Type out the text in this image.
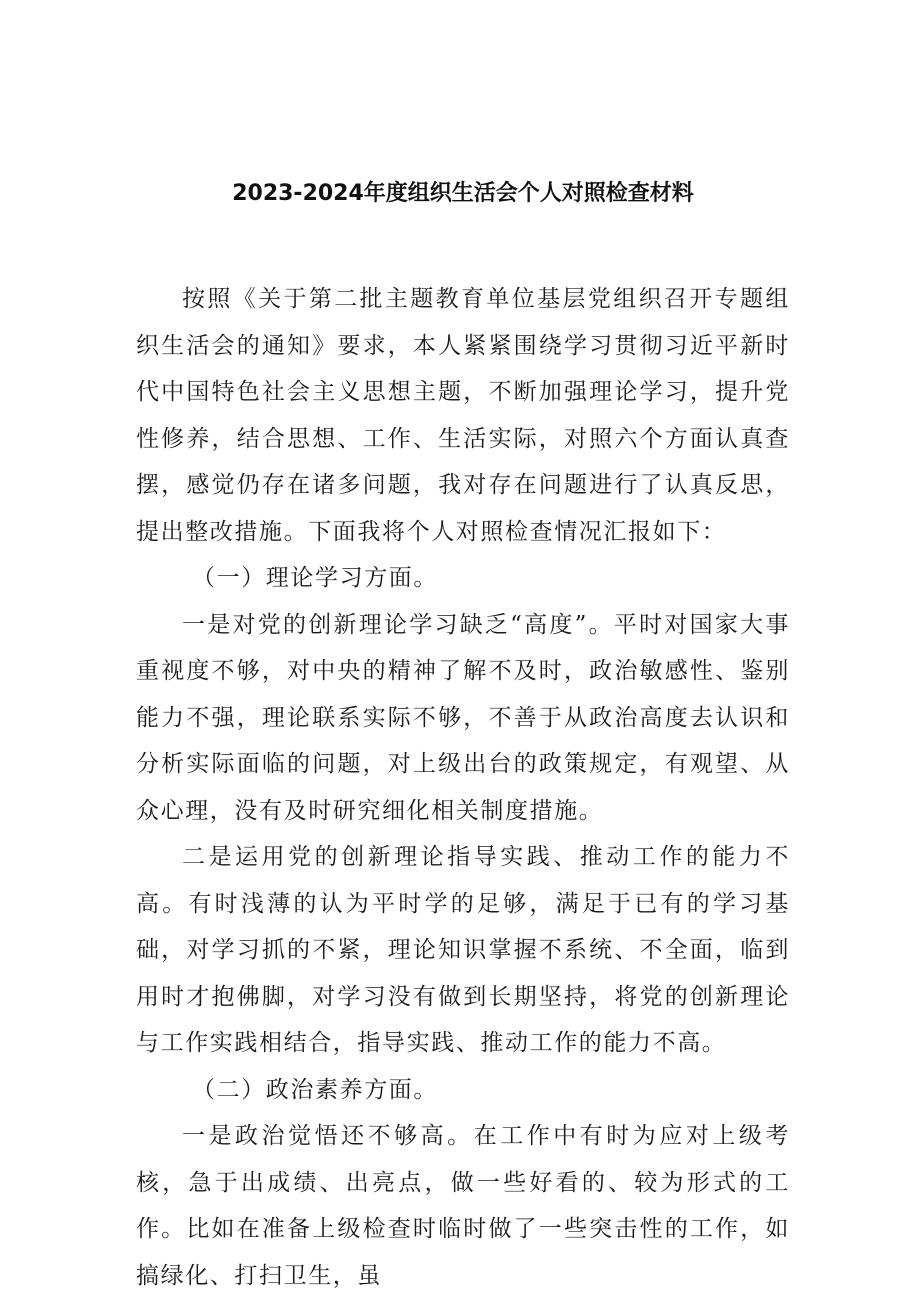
2023-2024年度组织生活会个人对照检查材料

按照《关于第二批主题教育单位基层党组织召开专题组织生活会的通知》要求，本人紧紧围绕学习贯彻习近平新时代中国特色社会主义思想主题，不断加强理论学习，提升党性修养，结合思想、工作、生活实际，对照六个方面认真查摆，感觉仍存在诸多问题，我对存在问题进行了认真反思，提出整改措施。下面我将个人对照检查情况汇报如下：

（一）理论学习方面。

一是对党的创新理论学习缺乏“高度”。平时对国家大事重视度不够，对中央的精神了解不及时，政治敏感性、鉴别能力不强，理论联系实际不够，不善于从政治高度去认识和分析实际面临的问题，对上级出台的政策规定，有观望、从众心理，没有及时研究细化相关制度措施。

二是运用党的创新理论指导实践、推动工作的能力不高。有时浅薄的认为平时学的足够，满足于已有的学习基础，对学习抓的不紧，理论知识掌握不系统、不全面，临到用时才抱佛脚，对学习没有做到长期坚持，将党的创新理论与工作实践相结合，指导实践、推动工作的能力不高。

（二）政治素养方面。

一是政治觉悟还不够高。在工作中有时为应对上级考核，急于出成绩、出亮点，做一些好看的、较为形式的工作。比如在准备上级检查时临时做了一些突击性的工作，如搞绿化、打扫卫生，虽
